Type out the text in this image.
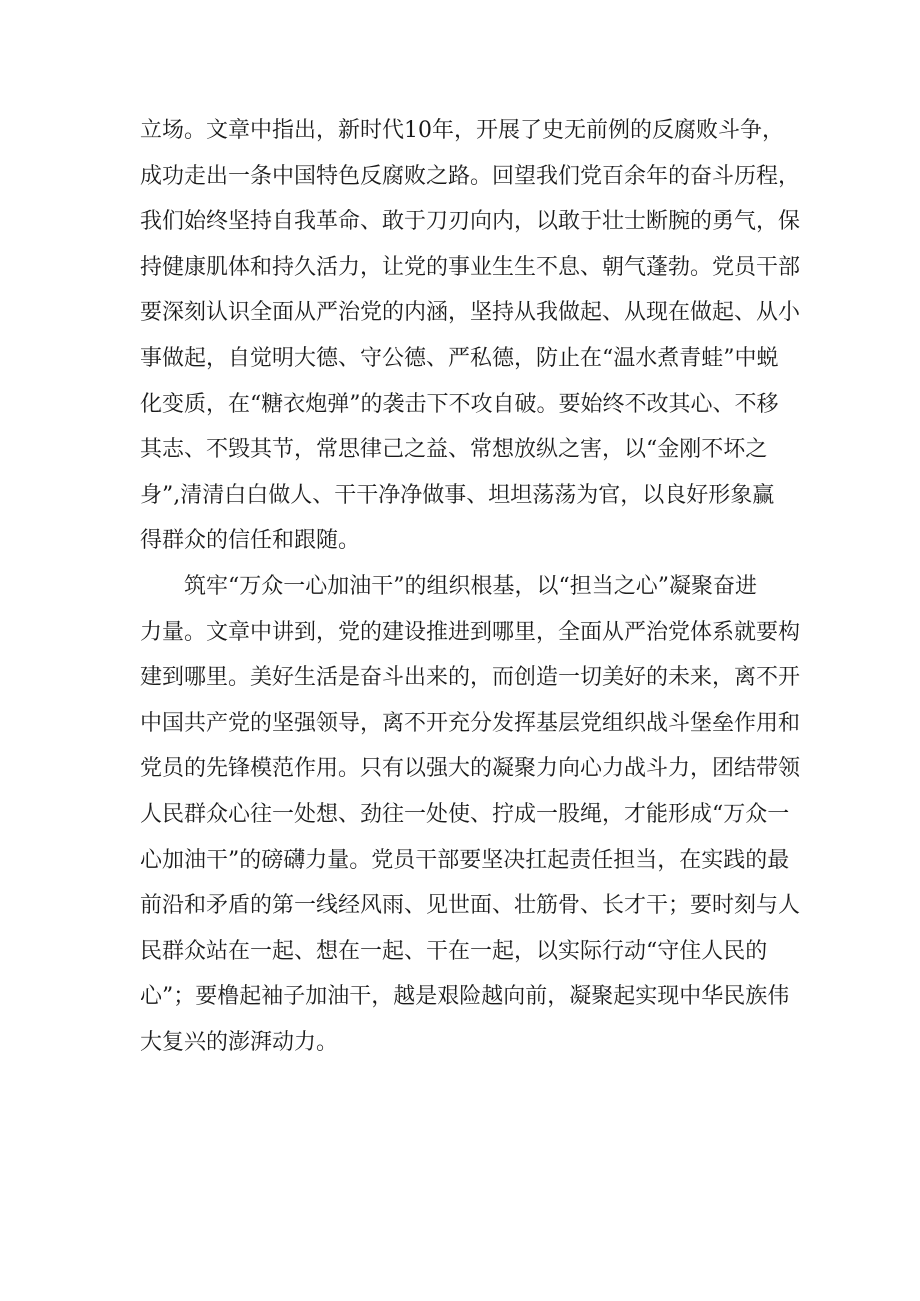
立场。文章中指出，新时代10年，开展了史无前例的反腐败斗争，
成功走出一条中国特色反腐败之路。回望我们党百余年的奋斗历程，
我们始终坚持自我革命、敢于刀刃向内，以敢于壮士断腕的勇气，保
持健康肌体和持久活力，让党的事业生生不息、朝气蓬勃。党员干部
要深刻认识全面从严治党的内涵，坚持从我做起、从现在做起、从小
事做起，自觉明大德、守公德、严私德，防止在“温水煮青蛙”中蜕
化变质，在“糖衣炮弹”的袭击下不攻自破。要始终不改其心、不移
其志、不毁其节，常思律己之益、常想放纵之害，以“金刚不坏之
身”,清清白白做人、干干净净做事、坦坦荡荡为官，以良好形象赢
得群众的信任和跟随。
筑牢“万众一心加油干”的组织根基，以“担当之心”凝聚奋进
力量。文章中讲到，党的建设推进到哪里，全面从严治党体系就要构
建到哪里。美好生活是奋斗出来的，而创造一切美好的未来，离不开
中国共产党的坚强领导，离不开充分发挥基层党组织战斗堡垒作用和
党员的先锋模范作用。只有以强大的凝聚力向心力战斗力，团结带领
人民群众心往一处想、劲往一处使、拧成一股绳，才能形成“万众一
心加油干”的磅礴力量。党员干部要坚决扛起责任担当，在实践的最
前沿和矛盾的第一线经风雨、见世面、壮筋骨、长才干；要时刻与人
民群众站在一起、想在一起、干在一起，以实际行动“守住人民的
心”；要橹起袖子加油干，越是艰险越向前，凝聚起实现中华民族伟
大复兴的澎湃动力。
